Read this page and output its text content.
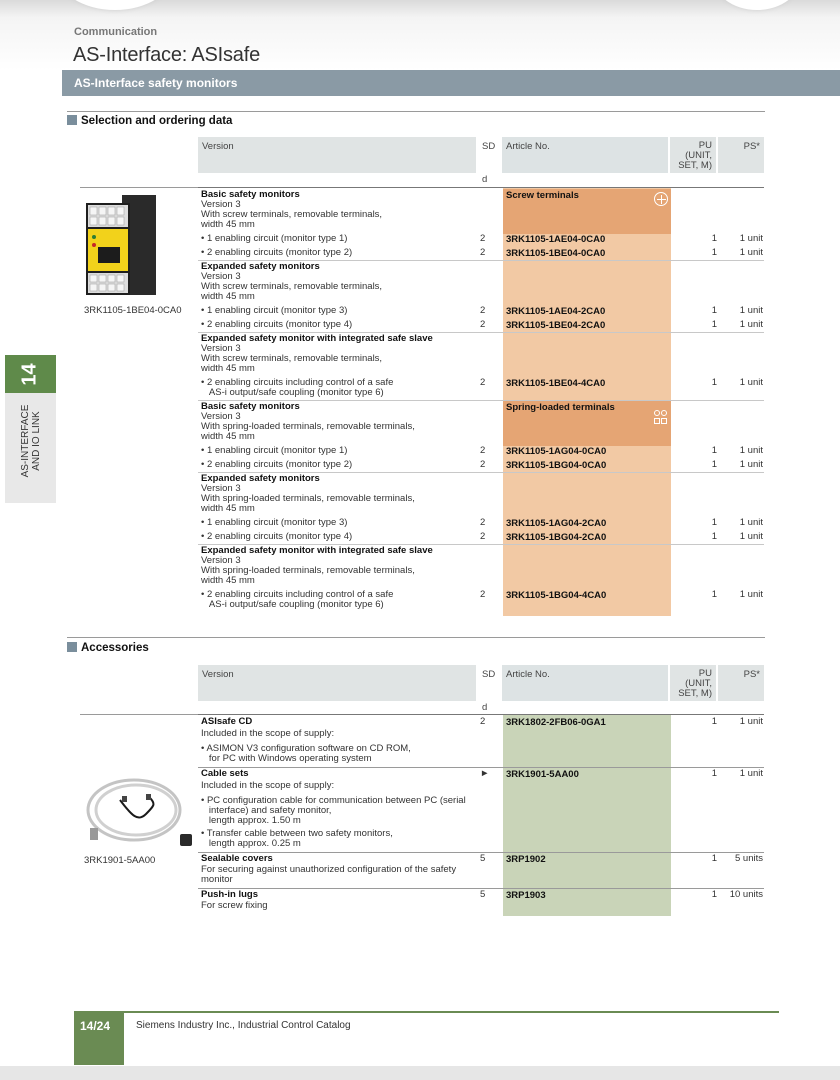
Communication
AS-Interface: ASIsafe
AS-Interface safety monitors
14
AS-INTERFACE AND IO LINK
Selection and ordering data
Version	SD	Article No.	PU
(UNIT,
SET, M)
PS*
d
Basic safety monitors
Version 3
With screw terminals, removable terminals,
width 45 mm
Screw terminals
• 1 enabling circuit (monitor type 1)	2 3RK1105-1AE04-0CA0	1	1 unit
• 2 enabling circuits (monitor type 2)	2 3RK1105-1BE04-0CA0	1	1 unit
Expanded safety monitors
Version 3
With screw terminals, removable terminals,
width 45 mm
• 1 enabling circuit (monitor type 3)	2 3RK1105-1AE04-2CA0	1	1 unit
• 2 enabling circuits (monitor type 4)	2 3RK1105-1BE04-2CA0	1	1 unit
Expanded safety monitor with integrated safe slave
Version 3
With screw terminals, removable terminals,
width 45 mm
• 2 enabling circuits including control of a safe
AS-i output/safe coupling (monitor type 6)
2 3RK1105-1BE04-4CA0	1	1 unit
Basic safety monitors
Version 3
With spring-loaded terminals, removable terminals,
width 45 mm
Spring-loaded terminals
• 1 enabling circuit (monitor type 1)	2 3RK1105-1AG04-0CA0	1	1 unit
• 2 enabling circuits (monitor type 2)	2 3RK1105-1BG04-0CA0	1	1 unit
Expanded safety monitors
Version 3
With spring-loaded terminals, removable terminals,
width 45 mm
• 1 enabling circuit (monitor type 3)	2 3RK1105-1AG04-2CA0	1	1 unit
• 2 enabling circuits (monitor type 4)	2 3RK1105-1BG04-2CA0	1	1 unit
Expanded safety monitor with integrated safe slave
Version 3
With spring-loaded terminals, removable terminals,
width 45 mm
• 2 enabling circuits including control of a safe
AS-i output/safe coupling (monitor type 6)
2 3RK1105-1BG04-4CA0	1	1 unit
3RK1105-1BE04-0CA0
Accessories
Version	SD	Article No.	PU
(UNIT,
SET, M)
PS*
d
ASIsafe CD	2 3RK1802-2FB06-0GA1	1	1 unit
Included in the scope of supply:
• ASIMON V3 configuration software on CD ROM,
for PC with Windows operating system
Cable sets	► 3RK1901-5AA00	1	1 unit
Included in the scope of supply:
• PC configuration cable for communication between PC (serial
interface) and safety monitor,
length approx. 1.50 m
• Transfer cable between two safety monitors,
length approx. 0.25 m
Sealable covers	5 3RP1902	1	5 units
For securing against unauthorized configuration of the safety
monitor
Push-in lugs	5 3RP1903	1	10 units
For screw fixing
3RK1901-5AA00
14/24	Siemens Industry Inc., Industrial Control Catalog
